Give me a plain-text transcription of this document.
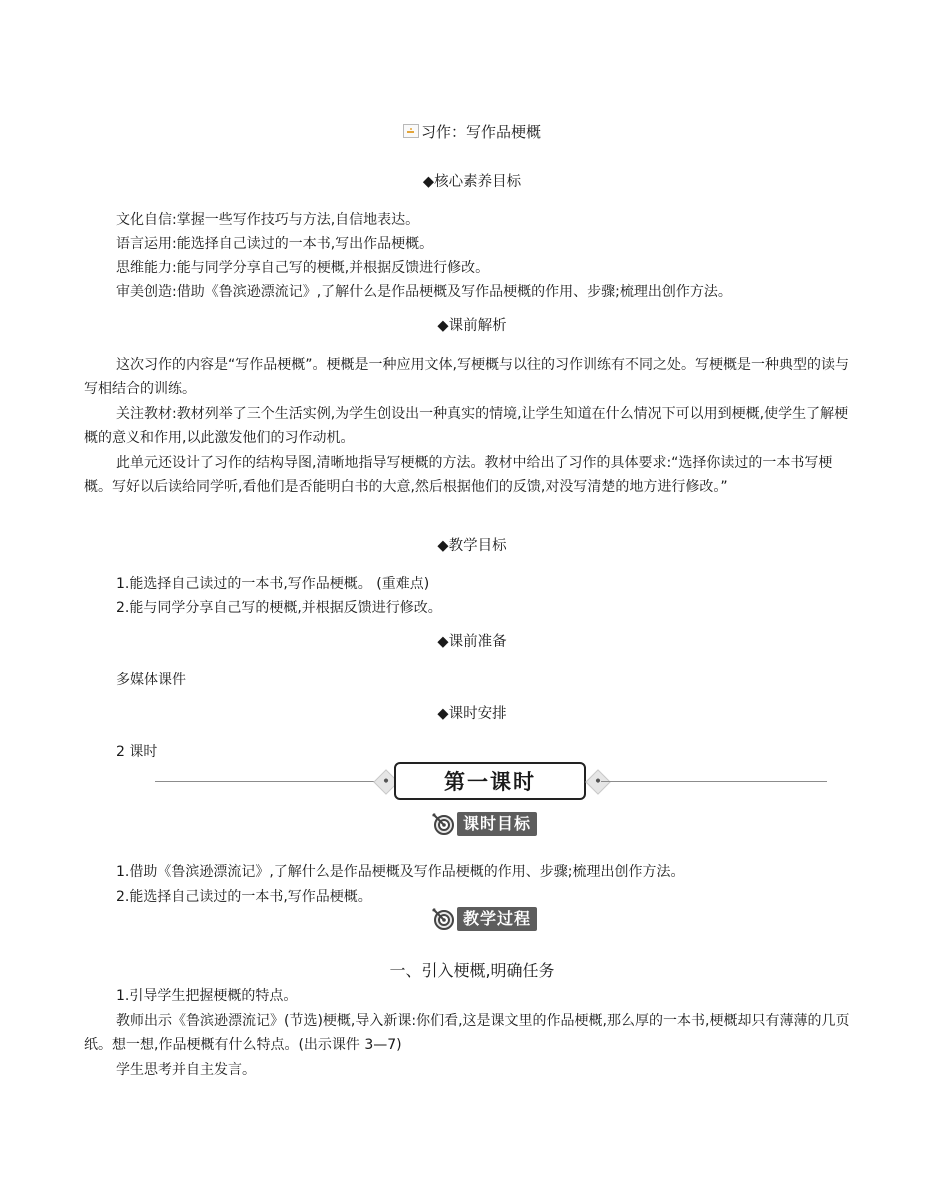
习作：写作品梗概
◆核心素养目标
文化自信:掌握一些写作技巧与方法,自信地表达。
语言运用:能选择自己读过的一本书,写出作品梗概。
思维能力:能与同学分享自己写的梗概,并根据反馈进行修改。
审美创造:借助《鲁滨逊漂流记》,了解什么是作品梗概及写作品梗概的作用、步骤;梳理出创作方法。
◆课前解析
这次习作的内容是“写作品梗概”。梗概是一种应用文体,写梗概与以往的习作训练有不同之处。写梗概是一种典型的读与写相结合的训练。
关注教材:教材列举了三个生活实例,为学生创设出一种真实的情境,让学生知道在什么情况下可以用到梗概,使学生了解梗概的意义和作用,以此激发他们的习作动机。
此单元还设计了习作的结构导图,清晰地指导写梗概的方法。教材中给出了习作的具体要求:“选择你读过的一本书写梗概。写好以后读给同学听,看他们是否能明白书的大意,然后根据他们的反馈,对没写清楚的地方进行修改。”
◆教学目标
1.能选择自己读过的一本书,写作品梗概。 (重难点)
2.能与同学分享自己写的梗概,并根据反馈进行修改。
◆课前准备
多媒体课件
◆课时安排
2 课时
第一课时
课时目标
1.借助《鲁滨逊漂流记》,了解什么是作品梗概及写作品梗概的作用、步骤;梳理出创作方法。
2.能选择自己读过的一本书,写作品梗概。
教学过程
一、引入梗概,明确任务
1.引导学生把握梗概的特点。
教师出示《鲁滨逊漂流记》(节选)梗概,导入新课:你们看,这是课文里的作品梗概,那么厚的一本书,梗概却只有薄薄的几页纸。想一想,作品梗概有什么特点。(出示课件 3—7)
学生思考并自主发言。
